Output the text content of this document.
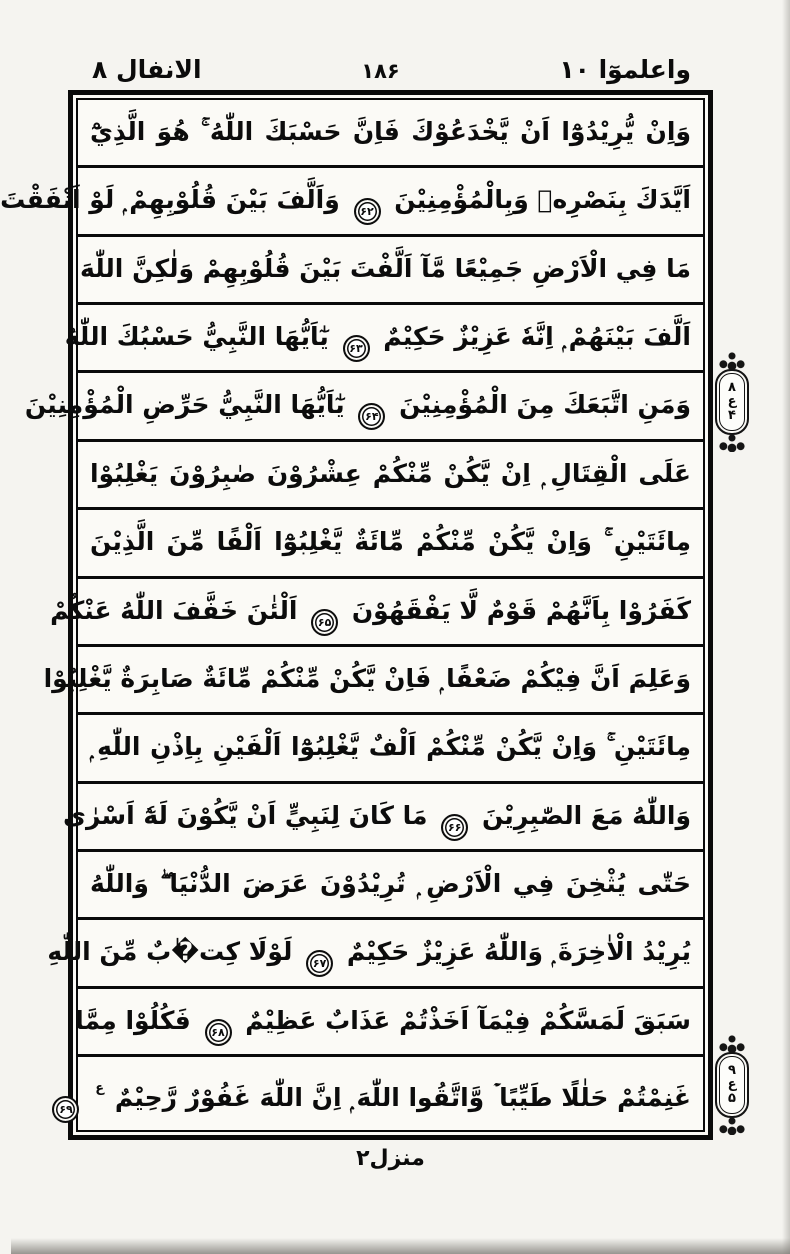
واعلموٓا ۱۰
۱۸۶
الانفال ۸
وَاِنْ يُّرِيْدُوْٓا اَنْ يَّخْدَعُوْكَ فَاِنَّ حَسْبَكَ اللّٰهُ ۚ هُوَ الَّذِيْٓ
اَيَّدَكَ بِنَصْرِهٖ وَبِالْمُؤْمِنِيْنَ ۶۲ وَاَلَّفَ بَيْنَ قُلُوْبِهِمْ ۭ لَوْ اَنْفَقْتَ
مَا فِي الْاَرْضِ جَمِيْعًا مَّآ اَلَّفْتَ بَيْنَ قُلُوْبِهِمْ وَلٰكِنَّ اللّٰهَ
اَلَّفَ بَيْنَهُمْ ۭ اِنَّهٗ عَزِيْزٌ حَكِيْمٌ ۶۳ يٰٓاَيُّهَا النَّبِيُّ حَسْبُكَ اللّٰهُ
وَمَنِ اتَّبَعَكَ مِنَ الْمُؤْمِنِيْنَ ۶۴ يٰٓاَيُّهَا النَّبِيُّ حَرِّضِ الْمُؤْمِنِيْنَ
عَلَى الْقِتَالِ ۭ اِنْ يَّكُنْ مِّنْكُمْ عِشْرُوْنَ صٰبِرُوْنَ يَغْلِبُوْا
مِائَتَيْنِ ۚ وَاِنْ يَّكُنْ مِّنْكُمْ مِّائَةٌ يَّغْلِبُوْٓا اَلْفًا مِّنَ الَّذِيْنَ
كَفَرُوْا بِاَنَّهُمْ قَوْمٌ لَّا يَفْقَهُوْنَ ۶۵ اَلْئٰنَ خَفَّفَ اللّٰهُ عَنْكُمْ
وَعَلِمَ اَنَّ فِيْكُمْ ضَعْفًا ۭ فَاِنْ يَّكُنْ مِّنْكُمْ مِّائَةٌ صَابِرَةٌ يَّغْلِبُوْا
مِائَتَيْنِ ۚ وَاِنْ يَّكُنْ مِّنْكُمْ اَلْفٌ يَّغْلِبُوْٓا اَلْفَيْنِ بِاِذْنِ اللّٰهِ ۭ
وَاللّٰهُ مَعَ الصّٰبِرِيْنَ ۶۶ مَا كَانَ لِنَبِيٍّ اَنْ يَّكُوْنَ لَهٗٓ اَسْرٰى
حَتّٰى يُثْخِنَ فِي الْاَرْضِ ۭ تُرِيْدُوْنَ عَرَضَ الدُّنْيَا ۖ وَاللّٰهُ
يُرِيْدُ الْاٰخِرَةَ ۭ وَاللّٰهُ عَزِيْزٌ حَكِيْمٌ ۶۷ لَوْلَا كِت�ٰبٌ مِّنَ اللّٰهِ
سَبَقَ لَمَسَّكُمْ فِيْمَآ اَخَذْتُمْ عَذَابٌ عَظِيْمٌ ۶۸ فَكُلُوْا مِمَّا
غَنِمْتُمْ حَلٰلًا طَيِّبًا ۡ وَّاتَّقُوا اللّٰهَ ۭ اِنَّ اللّٰهَ غَفُوْرٌ رَّحِيْمٌ $^ع$ ۶۹
۸
ع
۴
۹
ع
۵
منزل۲
